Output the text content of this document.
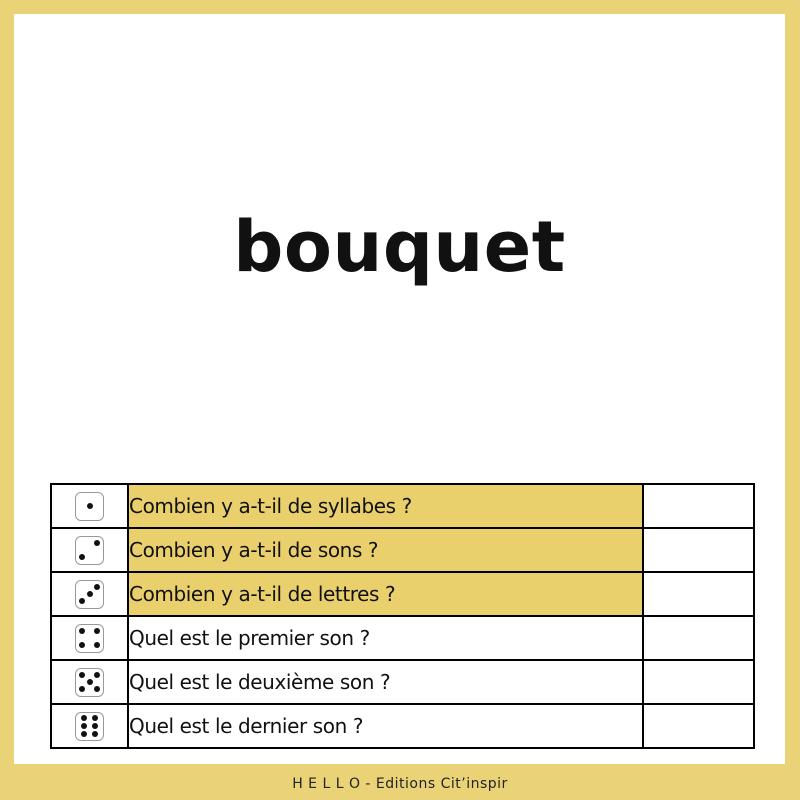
bouquet
	Combien y a-t-il de syllabes ?	

	Combien y a-t-il de sons ?	

	Combien y a-t-il de lettres ?	

	Quel est le premier son ?	

	Quel est le deuxième son ?	

	Quel est le dernier son ?	
H E L L O - Editions Cit’inspir
